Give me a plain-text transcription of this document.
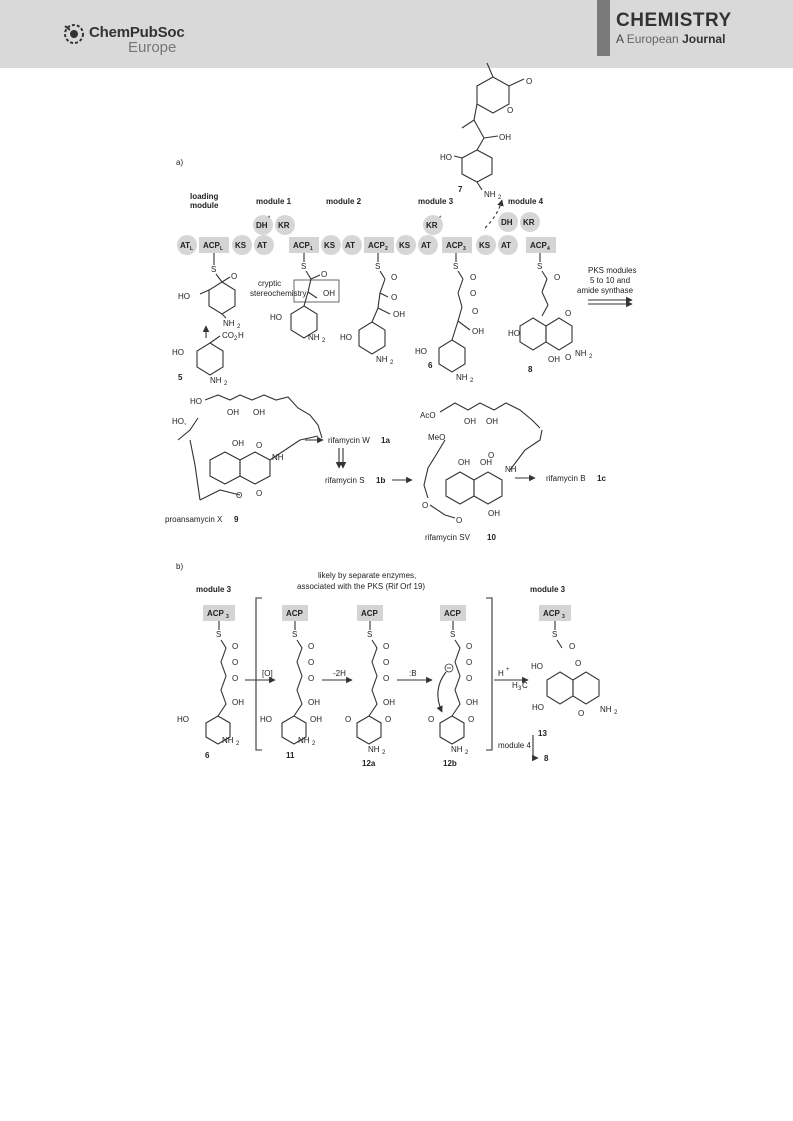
ChemPubSoc
Europe
CHEMISTRY
A European Journal
a)
O
O
OH
HO
NH 2
7
loading
module	module 1	module 2	module 3	module 4
AT L ACP L KS
DH
*
KR
AT	ACP 1 KS AT ACP 2 KS
KR
*
AT ACP 3
DH KR
KS AT ACP 4
S
O
HO
NH 2
CO 2 H
HO
NH 2
5
S
O
cryptic
stereochemistry OH
HO
NH 2
S
O
O
OH
HO
NH 2
S
O
O
O
OH
HO
NH 2
6
S
O
O
O
HO
OH
NH 2
8
PKS modules
5 to 10 and
amide synthase
HO
HO,
OH OH
OH O
O
O
NH
proansamycin X 9
rifamycin W 1a
rifamycin S 1b
AcO
MeO
OH OH
OH OH
NH
O
OH
O
O
rifamycin SV 10
rifamycin B 1c
b)
module 3	module 3
likely by separate enzymes,
associated with the PKS (Rif Orf 19)
ACP 3	ACP	ACP	ACP	ACP 3
S
O
O
O
OH
HO
NH 2
6
[O]
S
O
O
O
OH
HO	OH
NH 2
11
-2H
S
O
O
O
OH
O	O
NH 2
12a
:B
S
O
O
O
OH
O	O
NH 2
12b
H +
S
O
HO	O
H 3 C
HO
O NH 2
13
module 4
8
